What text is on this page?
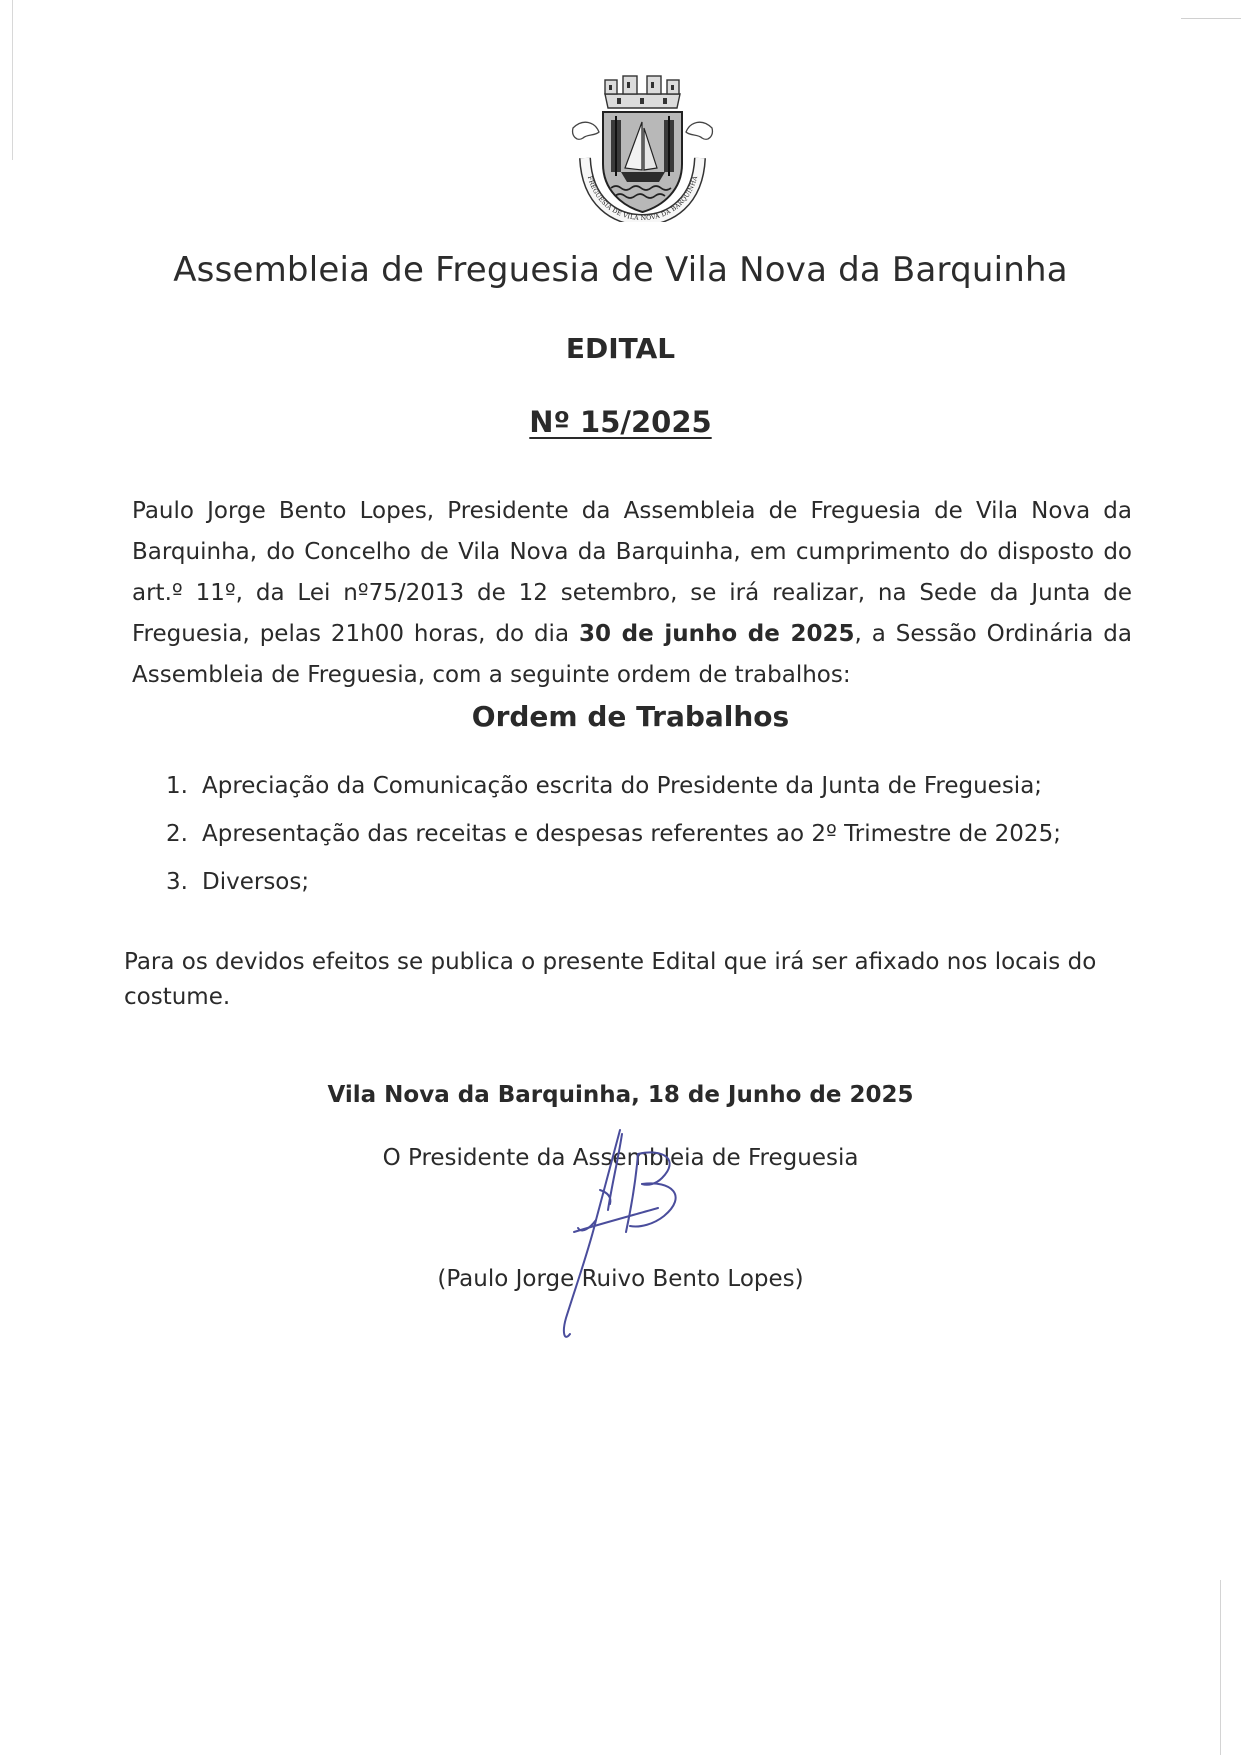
FREGUESIA DE VILA NOVA DA BARQUINHA
Assembleia de Freguesia de Vila Nova da Barquinha
EDITAL
Nº 15/2025

Paulo Jorge Bento Lopes, Presidente da Assembleia de Freguesia de Vila Nova da Barquinha, do Concelho de Vila Nova da Barquinha, em cumprimento do disposto do art.º 11º, da Lei nº75/2013 de 12 setembro, se irá realizar, na Sede da Junta de Freguesia, pelas 21h00 horas, do dia 30 de junho de 2025, a Sessão Ordinária da Assembleia de Freguesia, com a seguinte ordem de trabalhos:

Ordem de Trabalhos
1. Apreciação da Comunicação escrita do Presidente da Junta de Freguesia;
2. Apresentação das receitas e despesas referentes ao 2º Trimestre de 2025;
3. Diversos;

Para os devidos efeitos se publica o presente Edital que irá ser afixado nos locais do costume.

Vila Nova da Barquinha, 18 de Junho de 2025
O Presidente da Assembleia de Freguesia
(Paulo Jorge Ruivo Bento Lopes)
